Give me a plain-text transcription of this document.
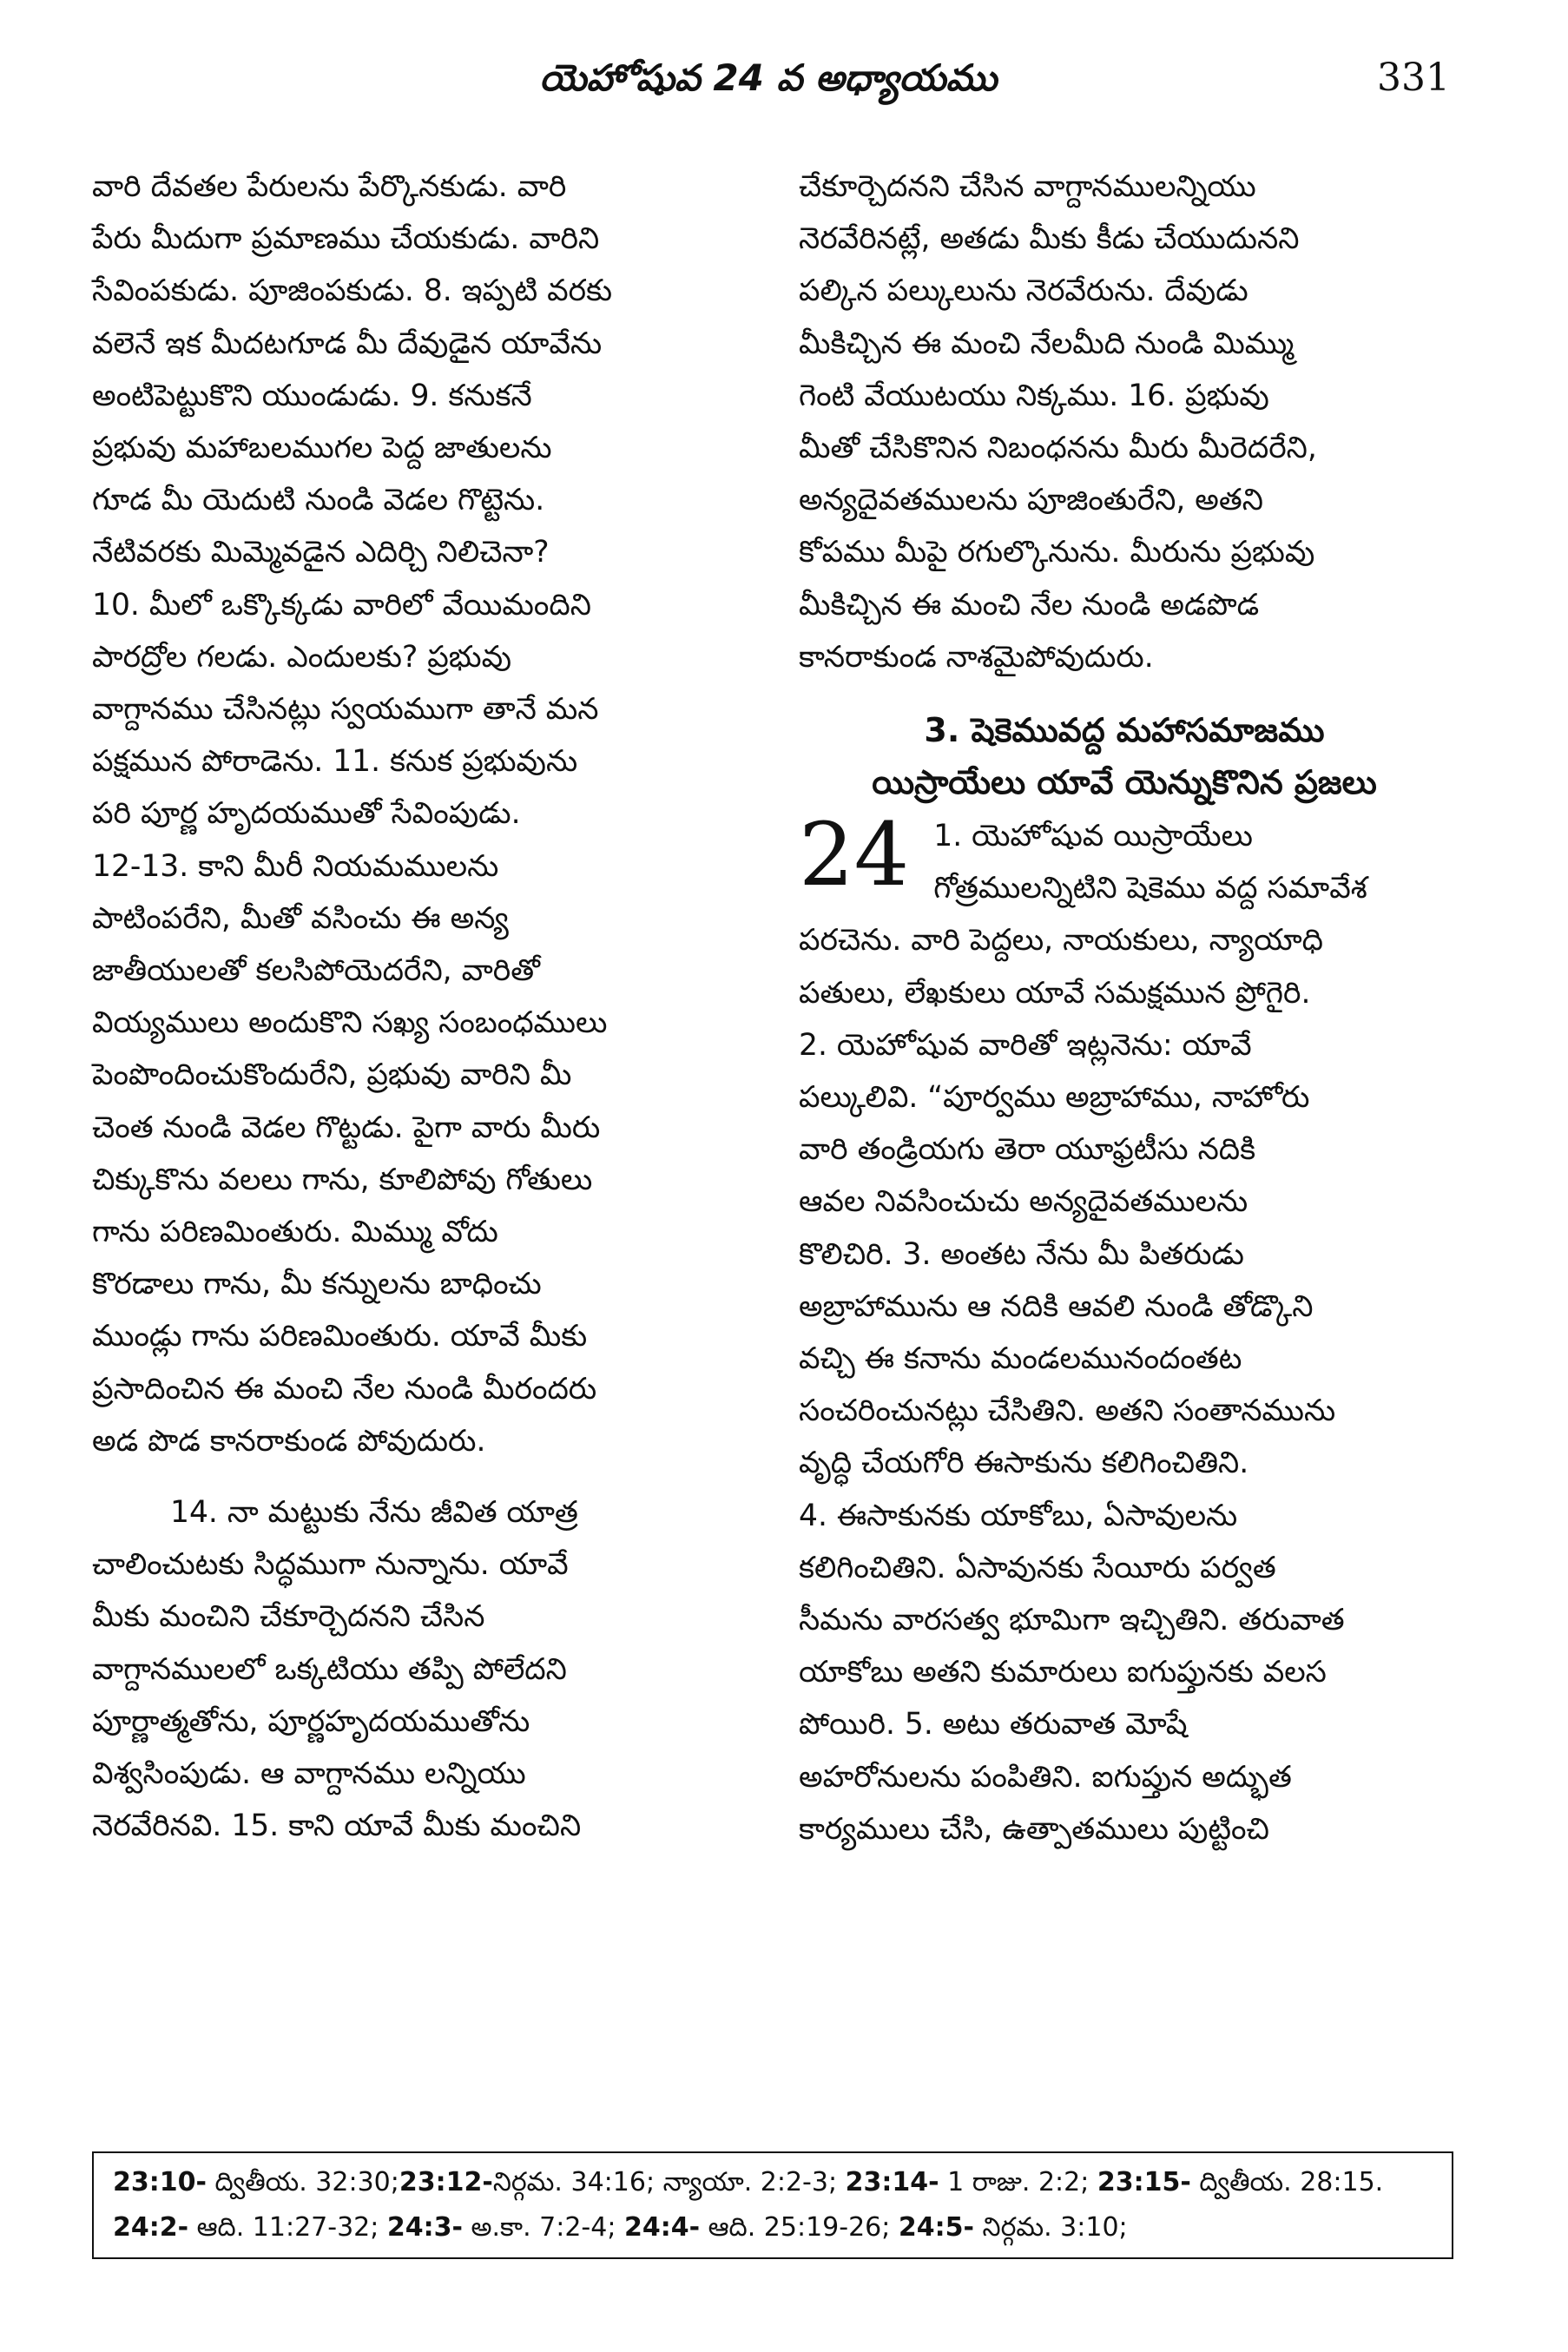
యెహోషువ 24 వ అధ్యాయము	331

వారి దేవతల పేరులను పేర్కొనకుడు. వారి
పేరు మీదుగా ప్రమాణము చేయకుడు. వారిని
సేవింపకుడు. పూజింపకుడు. 8. ఇప్పటి వరకు
వలెనే ఇక మీదటగూడ మీ దేవుడైన యావేను
అంటిపెట్టుకొని యుండుడు. 9. కనుకనే
ప్రభువు మహాబలముగల పెద్ద జాతులను
గూడ మీ యెదుటి నుండి వెడల గొట్టెను.
నేటివరకు మిమ్మెవడైన ఎదిర్చి నిలిచెనా?
10. మీలో ఒక్కొక్కడు వారిలో వేయిమందిని
పారద్రోల గలడు. ఎందులకు? ప్రభువు
వాగ్దానము చేసినట్లు స్వయముగా తానే మన
పక్షమున పోరాడెను. 11. కనుక ప్రభువును
పరి పూర్ణ హృదయముతో సేవింపుడు.
12-13. కాని మీరీ నియమములను
పాటింపరేని, మీతో వసించు ఈ అన్య
జాతీయులతో కలసిపోయెదరేని, వారితో
వియ్యములు అందుకొని సఖ్య సంబంధములు
పెంపొందించుకొందురేని, ప్రభువు వారిని మీ
చెంత నుండి వెడల గొట్టడు. పైగా వారు మీరు
చిక్కుకొను వలలు గాను, కూలిపోవు గోతులు
గాను పరిణమింతురు. మిమ్ము వోదు
కొరడాలు గాను, మీ కన్నులను బాధించు
ముండ్లు గాను పరిణమింతురు. యావే మీకు
ప్రసాదించిన ఈ మంచి నేల నుండి మీరందరు
అడ పొడ కానరాకుండ పోవుదురు.

14. నా మట్టుకు నేను జీవిత యాత్ర
చాలించుటకు సిద్ధముగా నున్నాను. యావే
మీకు మంచిని చేకూర్చెదనని చేసిన
వాగ్దానములలో ఒక్కటియు తప్పి పోలేదని
పూర్ణాత్మతోను, పూర్ణహృదయముతోను
విశ్వసింపుడు. ఆ వాగ్దానము లన్నియు
నెరవేరినవి. 15. కాని యావే మీకు మంచిని

చేకూర్చెదనని చేసిన వాగ్దానములన్నియు
నెరవేరినట్లే, అతడు మీకు కీడు చేయుదునని
పల్కిన పల్కులును నెరవేరును. దేవుడు
మీకిచ్చిన ఈ మంచి నేలమీది నుండి మిమ్ము
గెంటి వేయుటయు నిక్కము. 16. ప్రభువు
మీతో చేసికొనిన నిబంధనను మీరు మీరెదరేని,
అన్యదైవతములను పూజింతురేని, అతని
కోపము మీపై రగుల్కొనును. మీరును ప్రభువు
మీకిచ్చిన ఈ మంచి నేల నుండి అడపొడ
కానరాకుండ నాశమైపోవుదురు.

3. షెకెమువద్ద మహాసమాజము
యిస్రాయేలు యావే యెన్నుకొనిన ప్రజలు
24 1. యెహోషువ యిస్రాయేలు
గోత్రములన్నిటిని షెకెము వద్ద సమావేశ
పరచెను. వారి పెద్దలు, నాయకులు, న్యాయాధి
పతులు, లేఖకులు యావే సమక్షమున ప్రోగైరి.
2. యెహోషువ వారితో ఇట్లనెను: యావే
పల్కులివి. “పూర్వము అబ్రాహాము, నాహోరు
వారి తండ్రియగు తెరా యూఫ్రటీసు నదికి
ఆవల నివసించుచు అన్యదైవతములను
కొలిచిరి. 3. అంతట నేను మీ పితరుడు
అబ్రాహామును ఆ నదికి ఆవలి నుండి తోడ్కొని
వచ్చి ఈ కనాను మండలమునందంతట
సంచరించునట్లు చేసితిని. అతని సంతానమును
వృద్ధి చేయగోరి ఈసాకును కలిగించితిని.
4. ఈసాకునకు యాకోబు, ఏసావులను
కలిగించితిని. ఏసావునకు సేయీరు పర్వత
సీమను వారసత్వ భూమిగా ఇచ్చితిని. తరువాత
యాకోబు అతని కుమారులు ఐగుప్తునకు వలస
పోయిరి. 5. అటు తరువాత మోషే
అహరోనులను పంపితిని. ఐగుప్తున అద్భుత
కార్యములు చేసి, ఉత్పాతములు పుట్టించి

23:10- ద్వితీయ. 32:30;23:12-నిర్గమ. 34:16; న్యాయా. 2:2-3; 23:14- 1 రాజు. 2:2; 23:15- ద్వితీయ. 28:15. 24:2- ఆది. 11:27-32; 24:3- అ.కా. 7:2-4; 24:4- ఆది. 25:19-26; 24:5- నిర్గమ. 3:10;
